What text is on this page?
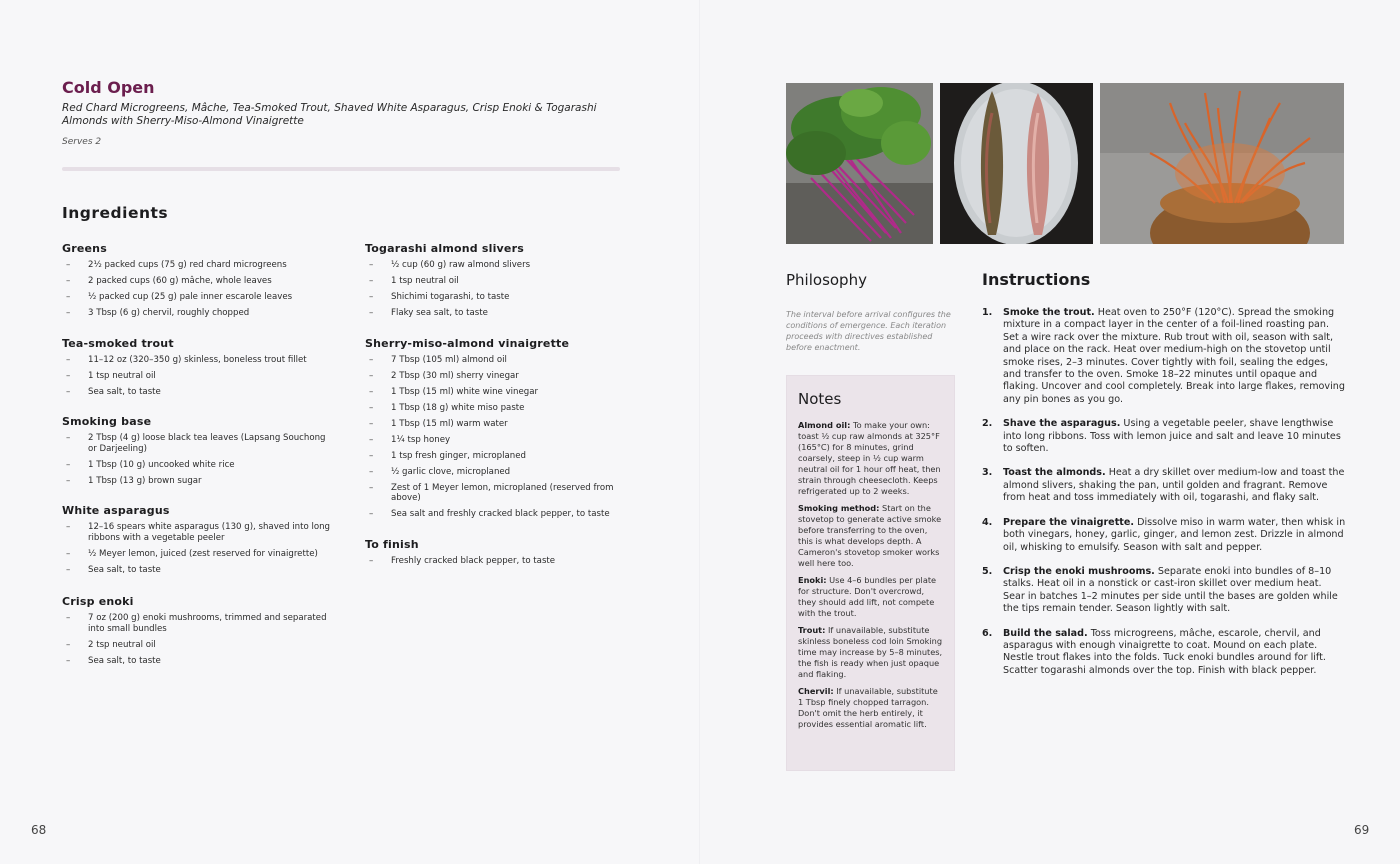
Cold Open

Red Chard Microgreens, Mâche, Tea-Smoked Trout, Shaved White Asparagus, Crisp Enoki & Togarashi Almonds with Sherry-Miso-Almond Vinaigrette

Serves 2
Ingredients
Greens
– 2½ packed cups (75 g) red chard microgreens
– 2 packed cups (60 g) mâche, whole leaves
– ½ packed cup (25 g) pale inner escarole leaves
– 3 Tbsp (6 g) chervil, roughly chopped
Tea-smoked trout
– 11–12 oz (320–350 g) skinless, boneless trout fillet
– 1 tsp neutral oil
– Sea salt, to taste
Smoking base
– 2 Tbsp (4 g) loose black tea leaves (Lapsang Souchong or Darjeeling)
– 1 Tbsp (10 g) uncooked white rice
– 1 Tbsp (13 g) brown sugar
White asparagus
– 12–16 spears white asparagus (130 g), shaved into long ribbons with a vegetable peeler
– ½ Meyer lemon, juiced (zest reserved for vinaigrette)
– Sea salt, to taste
Crisp enoki
– 7 oz (200 g) enoki mushrooms, trimmed and separated into small bundles
– 2 tsp neutral oil
– Sea salt, to taste
Togarashi almond slivers
– ½ cup (60 g) raw almond slivers
– 1 tsp neutral oil
– Shichimi togarashi, to taste
– Flaky sea salt, to taste
Sherry-miso-almond vinaigrette
– 7 Tbsp (105 ml) almond oil
– 2 Tbsp (30 ml) sherry vinegar
– 1 Tbsp (15 ml) white wine vinegar
– 1 Tbsp (18 g) white miso paste
– 1 Tbsp (15 ml) warm water
– 1¼ tsp honey
– 1 tsp fresh ginger, microplaned
– ½ garlic clove, microplaned
– Zest of 1 Meyer lemon, microplaned (reserved from above)
– Sea salt and freshly cracked black pepper, to taste
To finish
– Freshly cracked black pepper, to taste
68
Philosophy

The interval before arrival configures the conditions of emergence. Each iteration proceeds with directives established before enactment.

Notes

Almond oil: To make your own: toast ½ cup raw almonds at 325°F (165°C) for 8 minutes, grind coarsely, steep in ½ cup warm neutral oil for 1 hour off heat, then strain through cheesecloth. Keeps refrigerated up to 2 weeks.

Smoking method: Start on the stovetop to generate active smoke before transferring to the oven, this is what develops depth. A Cameron's stovetop smoker works well here too.

Enoki: Use 4–6 bundles per plate for structure. Don't overcrowd, they should add lift, not compete with the trout.

Trout: If unavailable, substitute skinless boneless cod loin Smoking time may increase by 5–8 minutes, the fish is ready when just opaque and flaking.

Chervil: If unavailable, substitute 1 Tbsp finely chopped tarragon. Don't omit the herb entirely, it provides essential aromatic lift.

Instructions
1. Smoke the trout. Heat oven to 250°F (120°C). Spread the smoking mixture in a compact layer in the center of a foil-lined roasting pan. Set a wire rack over the mixture. Rub trout with oil, season with salt, and place on the rack. Heat over medium-high on the stovetop until smoke rises, 2–3 minutes. Cover tightly with foil, sealing the edges, and transfer to the oven. Smoke 18–22 minutes until opaque and flaking. Uncover and cool completely. Break into large flakes, removing any pin bones as you go.
2. Shave the asparagus. Using a vegetable peeler, shave lengthwise into long ribbons. Toss with lemon juice and salt and leave 10 minutes to soften.
3. Toast the almonds. Heat a dry skillet over medium-low and toast the almond slivers, shaking the pan, until golden and fragrant. Remove from heat and toss immediately with oil, togarashi, and flaky salt.
4. Prepare the vinaigrette. Dissolve miso in warm water, then whisk in both vinegars, honey, garlic, ginger, and lemon zest. Drizzle in almond oil, whisking to emulsify. Season with salt and pepper.
5. Crisp the enoki mushrooms. Separate enoki into bundles of 8–10 stalks. Heat oil in a nonstick or cast-iron skillet over medium heat. Sear in batches 1–2 minutes per side until the bases are golden while the tips remain tender. Season lightly with salt.
6. Build the salad. Toss microgreens, mâche, escarole, chervil, and asparagus with enough vinaigrette to coat. Mound on each plate. Nestle trout flakes into the folds. Tuck enoki bundles around for lift. Scatter togarashi almonds over the top. Finish with black pepper.
69
